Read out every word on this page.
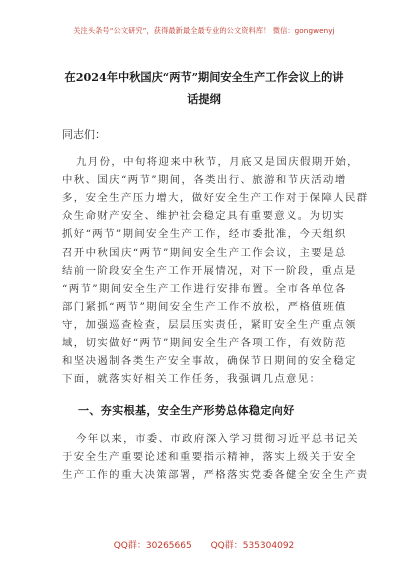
关注头条号“公文研究”，获得最新最全最专业的公文资料库！ 微信：gongwenyj
在2024年中秋国庆“两节”期间安全生产工作会议上的讲
话提纲
同志们：
九月份，中旬将迎来中秋节，月底又是国庆假期开始，
中秋、国庆“两节”期间，各类出行、旅游和节庆活动增
多，安全生产压力增大，做好安全生产工作对于保障人民群
众生命财产安全、维护社会稳定具有重要意义。为切实
抓好“两节”期间安全生产工作，经市委批准，今天组织
召开中秋国庆“两节”期间安全生产工作会议，主要是总
结前一阶段安全生产工作开展情况，对下一阶段，重点是
“两节”期间安全生产工作进行安排布置。全市各单位各
部门紧抓“两节”期间安全生产工作不放松，严格值班值
守，加强巡查检查，层层压实责任，紧盯安全生产重点领
域，切实做好“两节”期间安全生产各项工作，有效防范
和坚决遏制各类生产安全事故，确保节日期间的安全稳定
下面，就落实好相关工作任务，我强调几点意见：
一、夯实根基，安全生产形势总体稳定向好
今年以来，市委、市政府深入学习贯彻习近平总书记关
于安全生产重要论述和重要指示精神，落实上级关于安全
生产工作的重大决策部署，严格落实党委各健全安全生产责
QQ群：30265665 QQ群：535304092
